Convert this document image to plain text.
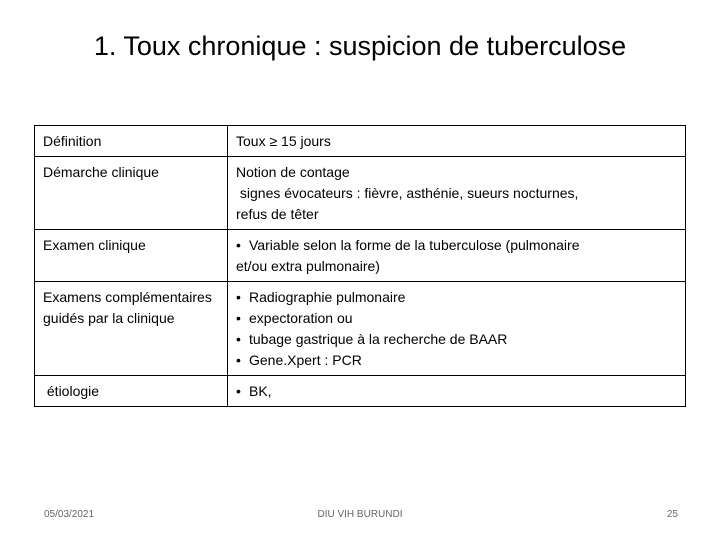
1. Toux chronique : suspicion de tuberculose
Définition	Toux ≥ 15 jours

Démarche clinique	Notion de contage
signes évocateurs : fièvre, asthénie, sueurs nocturnes,
refus de têter

Examen clinique	• Variable selon la forme de la tuberculose (pulmonaire
et/ou extra pulmonaire)

Examens complémentaires guidés par la clinique	• Radiographie pulmonaire
• expectoration ou
• tubage gastrique à la recherche de BAAR
• Gene.Xpert : PCR

étiologie	• BK,
05/03/2021	DIU VIH BURUNDI	25
